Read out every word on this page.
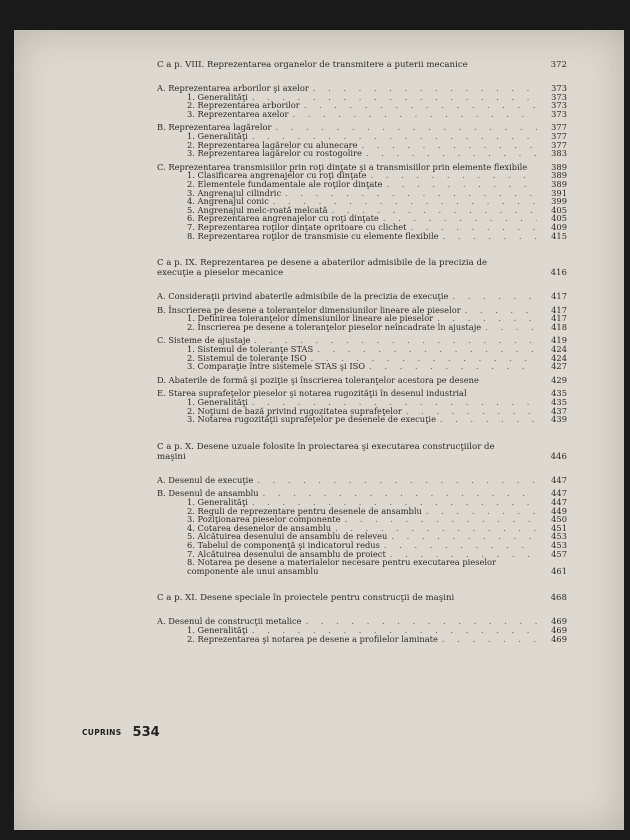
C a p. VIII. Reprezentarea organelor de transmitere a puterii mecanice	372
A. Reprezentarea arborilor şi axelor . . .	373
1. Generalităţi . . .	373
2. Reprezentarea arborilor . . .	373
3. Reprezentarea axelor . . .	373
B. Reprezentarea lagărelor . . .	377
1. Generalităţi . . .	377
2. Reprezentarea lagărelor cu alunecare . . .	377
3. Reprezentarea lagărelor cu rostogolire . . .	383
C. Reprezentarea transmisiilor prin roţi dinţate şi a transmisiilor prin elemente flexibile	389
1. Clasificarea angrenajelor cu roţi dinţate . . .	389
2. Elementele fundamentale ale roţilor dinţate . . .	389
3. Angrenajul cilindric . . .	391
4. Angrenajul conic . . .	399
5. Angrenajul melc-roată melcată . . .	405
6. Reprezentarea angrenajelor cu roţi dinţate . . .	405
7. Reprezentarea roţilor dinţate opritoare cu clichet . . .	409
8. Reprezentarea roţilor de transmisie cu elemente flexibile . . .	415
C a p. IX. Reprezentarea pe desene a abaterilor admisibile de la precizia de execuţie a pieselor mecanice	416
A. Consideraţii privind abaterile admisibile de la precizia de execuţie . . .	417
B. Înscrierea pe desene a toleranţelor dimensiunilor lineare ale pieselor . . .	417
1. Definirea toleranţelor dimensiunilor lineare ale pieselor . . .	417
2. Înscrierea pe desene a toleranţelor pieselor neîncadrate în ajustaje . . .	418
C. Sisteme de ajustaje . . .	419
1. Sistemul de toleranţe STAS . . .	424
2. Sistemul de toleranţe ISO . . .	424
3. Comparaţie între sistemele STAS şi ISO . . .	427
D. Abaterile de formă şi poziţie şi înscrierea toleranţelor acestora pe desene	429
E. Starea suprafeţelor pieselor şi notarea rugozităţii în desenul industrial	435
1. Generalităţi . . .	435
2. Noţiuni de bază privind rugozitatea suprafeţelor . . .	437
3. Notarea rugozităţii suprafeţelor pe desenele de execuţie . . .	439
C a p. X. Desene uzuale folosite în proiectarea şi executarea construcţiilor de maşini	446
A. Desenul de execuţie . . .	447
B. Desenul de ansamblu . . .	447
1. Generalităţi . . .	447
2. Reguli de reprezentare pentru desenele de ansamblu . . .	449
3. Poziţionarea pieselor componente . . .	450
4. Cotarea desenelor de ansamblu . . .	451
5. Alcătuirea desenului de ansamblu de releveu . . .	453
6. Tabelul de componenţă şi indicatorul redus . . .	453
7. Alcătuirea desenului de ansamblu de proiect . . .	457
8. Notarea pe desene a materialelor necesare pentru executarea pieselor componente ale unui ansamblu	461
C a p. XI. Desene speciale în proiectele pentru construcţii de maşini	468
A. Desenul de construcţii metalice . . .	469
1. Generalităţi . . .	469
2. Reprezentarea şi notarea pe desene a profilelor laminate . . .	469
CUPRINS 534
